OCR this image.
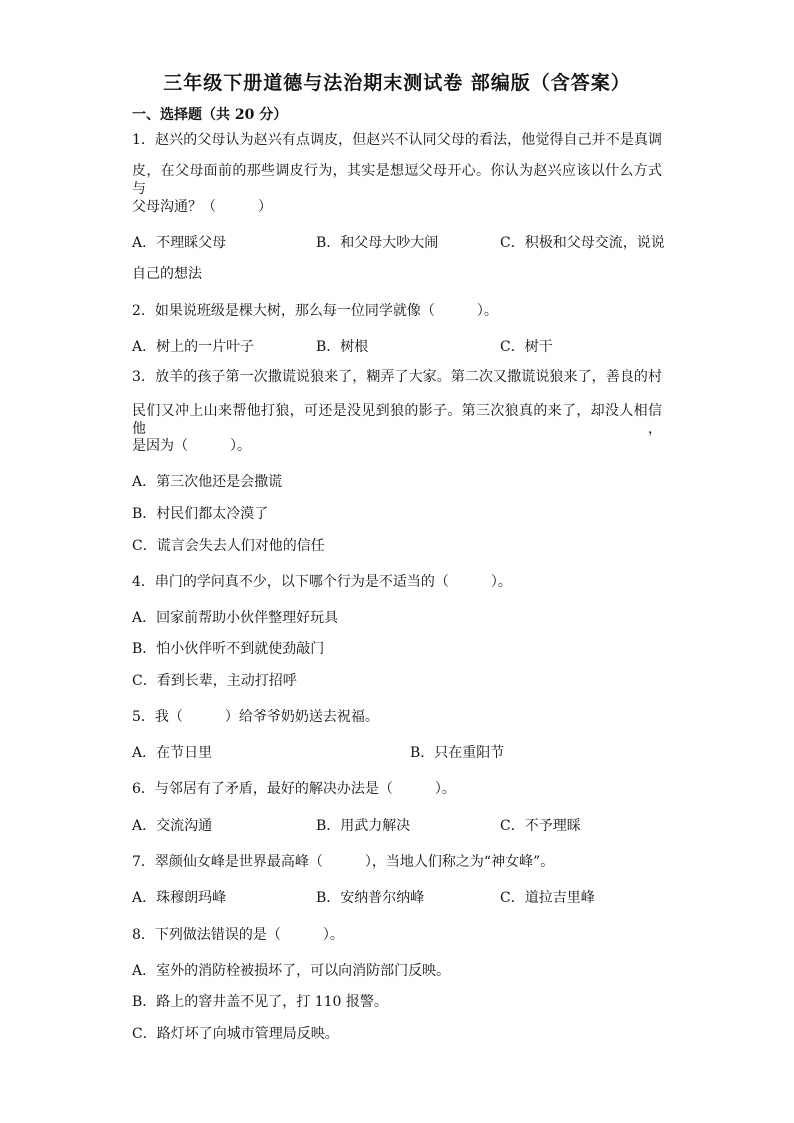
三年级下册道德与法治期末测试卷 部编版（含答案）
一、选择题（共 20 分）
1．赵兴的父母认为赵兴有点调皮，但赵兴不认同父母的看法，他觉得自己并不是真调
皮，在父母面前的那些调皮行为，其实是想逗父母开心。你认为赵兴应该以什么方式与
父母沟通？（　　　）
A．不理睬父母	B．和父母大吵大闹	C．积极和父母交流，说说
自己的想法
2．如果说班级是棵大树，那么每一位同学就像（　　　）。
A．树上的一片叶子	B．树根	C．树干
3．放羊的孩子第一次撒谎说狼来了，糊弄了大家。第二次又撒谎说狼来了，善良的村
民们又冲上山来帮他打狼，可还是没见到狼的影子。第三次狼真的来了，却没人相信他，
是因为（　　　）。
A．第三次他还是会撒谎
B．村民们都太冷漠了
C．谎言会失去人们对他的信任
4．串门的学问真不少，以下哪个行为是不适当的（　　　）。
A．回家前帮助小伙伴整理好玩具
B．怕小伙伴听不到就使劲敲门
C．看到长辈，主动打招呼
5．我（　　　）给爷爷奶奶送去祝福。
A．在节日里	B．只在重阳节
6．与邻居有了矛盾，最好的解决办法是（　　　）。
A．交流沟通	B．用武力解决	C．不予理睬
7．翠颜仙女峰是世界最高峰（　　　），当地人们称之为“神女峰”。
A．珠穆朗玛峰	B．安纳普尔纳峰	C．道拉吉里峰
8．下列做法错误的是（　　　）。
A．室外的消防栓被损坏了，可以向消防部门反映。
B．路上的窨井盖不见了，打 110 报警。
C．路灯坏了向城市管理局反映。
